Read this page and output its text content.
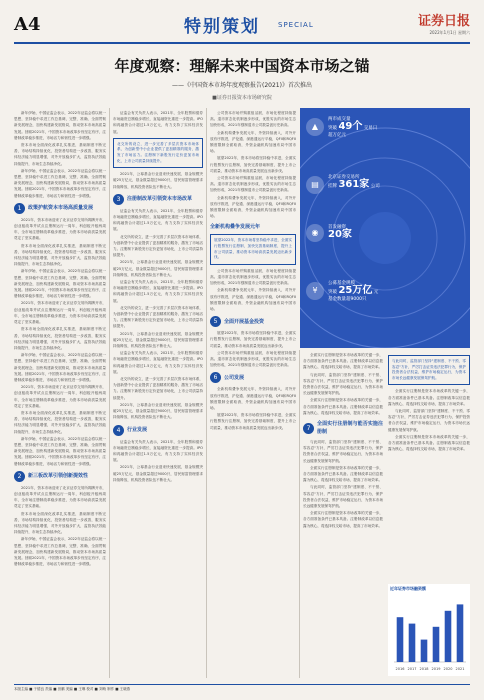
A4	特别策划	SPECIAL	证券日报
2022年1月1日 星期六
年度观察：理解未来中国资本市场之锚
——《中国资本市场年度观察报告(2021)》首次推出
■证券日报资本市场研究院

新年伊始，中国证监会表示，2022年证监会将以统一思想，坚持稳中求进工作总基调，完整、准确、全面贯彻新发展理念，加快构建新发展格局，推动资本市场高质量发展。回顾2021年，中国资本市场改革步伐坚定有序，注册制改革稳步推进，市场活力和韧性进一步增强。

资本市场全面深化改革扎实推进，基础制度不断完善，市场结构持续优化，投资者结构进一步改善，服务实体经济能力明显增强，对外开放稳步扩大，监管执法效能持续提升，市场生态持续净化。

新年伊始，中国证监会表示，2022年证监会将以统一思想，坚持稳中求进工作总基调，完整、准确、全面贯彻新发展理念，加快构建新发展格局，推动资本市场高质量发展。回顾2021年，中国资本市场改革步伐坚定有序，注册制改革稳步推进，市场活力和韧性进一步增强。

1	政策护航资本市场高质量发展

2021年，资本市场迎来了北京证券交易所揭牌开市，创业板改革并试点注册制运行一周年，科创板开板两周年，全市场注册制改革稳步推进，为资本市场高质量发展奠定了坚实基础。

资本市场全面深化改革扎实推进，基础制度不断完善，市场结构持续优化，投资者结构进一步改善，服务实体经济能力明显增强，对外开放稳步扩大，监管执法效能持续提升，市场生态持续净化。

新年伊始，中国证监会表示，2022年证监会将以统一思想，坚持稳中求进工作总基调，完整、准确、全面贯彻新发展理念，加快构建新发展格局，推动资本市场高质量发展。回顾2021年，中国资本市场改革步伐坚定有序，注册制改革稳步推进，市场活力和韧性进一步增强。

2021年，资本市场迎来了北京证券交易所揭牌开市，创业板改革并试点注册制运行一周年，科创板开板两周年，全市场注册制改革稳步推进，为资本市场高质量发展奠定了坚实基础。

资本市场全面深化改革扎实推进，基础制度不断完善，市场结构持续优化，投资者结构进一步改善，服务实体经济能力明显增强，对外开放稳步扩大，监管执法效能持续提升，市场生态持续净化。

新年伊始，中国证监会表示，2022年证监会将以统一思想，坚持稳中求进工作总基调，完整、准确、全面贯彻新发展理念，加快构建新发展格局，推动资本市场高质量发展。回顾2021年，中国资本市场改革步伐坚定有序，注册制改革稳步推进，市场活力和韧性进一步增强。

2021年，资本市场迎来了北京证券交易所揭牌开市，创业板改革并试点注册制运行一周年，科创板开板两周年，全市场注册制改革稳步推进，为资本市场高质量发展奠定了坚实基础。

资本市场全面深化改革扎实推进，基础制度不断完善，市场结构持续优化，投资者结构进一步改善，服务实体经济能力明显增强，对外开放稳步扩大，监管执法效能持续提升，市场生态持续净化。

新年伊始，中国证监会表示，2022年证监会将以统一思想，坚持稳中求进工作总基调，完整、准确、全面贯彻新发展理念，加快构建新发展格局，推动资本市场高质量发展。回顾2021年，中国资本市场改革步伐坚定有序，注册制改革稳步推进，市场活力和韧性进一步增强。

2	新三板改革引领创新提效性

2021年，资本市场迎来了北京证券交易所揭牌开市，创业板改革并试点注册制运行一周年，科创板开板两周年，全市场注册制改革稳步推进，为资本市场高质量发展奠定了坚实基础。

资本市场全面深化改革扎实推进，基础制度不断完善，市场结构持续优化，投资者结构进一步改善，服务实体经济能力明显增强，对外开放稳步扩大，监管执法效能持续提升，市场生态持续净化。

新年伊始，中国证监会表示，2022年证监会将以统一思想，坚持稳中求进工作总基调，完整、准确、全面贯彻新发展理念，加快构建新发展格局，推动资本市场高质量发展。回顾2021年，中国资本市场改革步伐坚定有序，注册制改革稳步推进，市场活力和韧性进一步增强。

证监会有关负责人表示，2021年，全年股票和债券市场融资总额稳步增长，直接融资比重进一步提高。IPO和再融资合计超过1.5万亿元，有力支持了实体经济发展。

北交所的设立，进一步完善了多层次资本市场体系，为创新型中小企业提供了更加精准的服务，激发了市场活力。注册制下新股发行定价更加市场化，上市公司质量持续提升。

2021年，公募基金行业迎来快速发展，基金规模突破25万亿元，基金数量超过9000只，居民财富管理需求持续释放，机构投资者队伍不断壮大。

3	注册制改革引领资本市场改革

证监会有关负责人表示，2021年，全年股票和债券市场融资总额稳步增长，直接融资比重进一步提高。IPO和再融资合计超过1.5万亿元，有力支持了实体经济发展。

北交所的设立，进一步完善了多层次资本市场体系，为创新型中小企业提供了更加精准的服务，激发了市场活力。注册制下新股发行定价更加市场化，上市公司质量持续提升。

2021年，公募基金行业迎来快速发展，基金规模突破25万亿元，基金数量超过9000只，居民财富管理需求持续释放，机构投资者队伍不断壮大。

证监会有关负责人表示，2021年，全年股票和债券市场融资总额稳步增长，直接融资比重进一步提高。IPO和再融资合计超过1.5万亿元，有力支持了实体经济发展。

北交所的设立，进一步完善了多层次资本市场体系，为创新型中小企业提供了更加精准的服务，激发了市场活力。注册制下新股发行定价更加市场化，上市公司质量持续提升。

2021年，公募基金行业迎来快速发展，基金规模突破25万亿元，基金数量超过9000只，居民财富管理需求持续释放，机构投资者队伍不断壮大。

证监会有关负责人表示，2021年，全年股票和债券市场融资总额稳步增长，直接融资比重进一步提高。IPO和再融资合计超过1.5万亿元，有力支持了实体经济发展。

北交所的设立，进一步完善了多层次资本市场体系，为创新型中小企业提供了更加精准的服务，激发了市场活力。注册制下新股发行定价更加市场化，上市公司质量持续提升。

2021年，公募基金行业迎来快速发展，基金规模突破25万亿元，基金数量超过9000只，居民财富管理需求持续释放，机构投资者队伍不断壮大。

4	行业发展

证监会有关负责人表示，2021年，全年股票和债券市场融资总额稳步增长，直接融资比重进一步提高。IPO和再融资合计超过1.5万亿元，有力支持了实体经济发展。

2021年，公募基金行业迎来快速发展，基金规模突破25万亿元，基金数量超过9000只，居民财富管理需求持续释放，机构投资者队伍不断壮大。

公司资本市场并购重组活跃，市场化程度持续提高。退市常态化机制逐步形成，优胜劣汰的市场生态加快形成，2021年强制退市公司数量创历史新高。

全新机构叠争发展元年，外资持续流入，对外开放有序推进，沪伦通、深港通运行平稳，QFII和RQFII额度限制全面取消，外资金融机构加速布局中国市场。

展望2022年，资本市场将坚持稳中求进，全面实行股票发行注册制，加快完善基础制度，提升上市公司质量，推动资本市场高质量发展迈出新步伐。

公司资本市场并购重组活跃，市场化程度持续提高。退市常态化机制逐步形成，优胜劣汰的市场生态加快形成，2021年强制退市公司数量创历史新高。

全新机构叠争发展元年，外资持续流入，对外开放有序推进，沪伦通、深港通运行平稳，QFII和RQFII额度限制全面取消，外资金融机构加速布局中国市场。

全新机构叠争发展元年
展望2022年，资本市场将坚持稳中求进，全面实行股票发行注册制，加快完善基础制度，提升上市公司质量，推动资本市场高质量发展迈出新步伐。

公司资本市场并购重组活跃，市场化程度持续提高。退市常态化机制逐步形成，优胜劣汰的市场生态加快形成，2021年强制退市公司数量创历史新高。

全新机构叠争发展元年，外资持续流入，对外开放有序推进，沪伦通、深港通运行平稳，QFII和RQFII额度限制全面取消，外资金融机构加速布局中国市场。

5	全面开展基金投资

展望2022年，资本市场将坚持稳中求进，全面实行股票发行注册制，加快完善基础制度，提升上市公司质量，推动资本市场高质量发展迈出新步伐。

公司资本市场并购重组活跃，市场化程度持续提高。退市常态化机制逐步形成，优胜劣汰的市场生态加快形成，2021年强制退市公司数量创历史新高。

6	公司发展

全新机构叠争发展元年，外资持续流入，对外开放有序推进，沪伦通、深港通运行平稳，QFII和RQFII额度限制全面取消，外资金融机构加速布局中国市场。

展望2022年，资本市场将坚持稳中求进，全面实行股票发行注册制，加快完善基础制度，提升上市公司质量，推动资本市场高质量发展迈出新步伐。

▲
两市成交量
突破 49个 交易日
超万亿元
▤
北京证券交易所
挂牌 361家 公司
◉
首发融资
20家
¥
公募基金规模
突破 25万亿 元
基金数量超9000只

全面实行注册制是资本市场改革的关键一步，各方面准备条件已基本具备。注册制改革以信息披露为核心，将选择权交给市场，提高了市场效率。

与此同时，监管部门坚持"建制度、不干预、零容忍"方针，严厉打击证券违法犯罪行为，保护投资者合法权益，维护市场稳定运行，为资本市场长远健康发展保驾护航。

全面实行注册制是资本市场改革的关键一步，各方面准备条件已基本具备。注册制改革以信息披露为核心，将选择权交给市场，提高了市场效率。

7
全面实行注册制与能否实施注册制

与此同时，监管部门坚持"建制度、不干预、零容忍"方针，严厉打击证券违法犯罪行为，保护投资者合法权益，维护市场稳定运行，为资本市场长远健康发展保驾护航。

全面实行注册制是资本市场改革的关键一步，各方面准备条件已基本具备。注册制改革以信息披露为核心，将选择权交给市场，提高了市场效率。

与此同时，监管部门坚持"建制度、不干预、零容忍"方针，严厉打击证券违法犯罪行为，保护投资者合法权益，维护市场稳定运行，为资本市场长远健康发展保驾护航。

全面实行注册制是资本市场改革的关键一步，各方面准备条件已基本具备。注册制改革以信息披露为核心，将选择权交给市场，提高了市场效率。

与此同时，监管部门坚持"建制度、不干预、零容忍"方针，严厉打击证券违法犯罪行为，保护投资者合法权益，维护市场稳定运行，为资本市场长远健康发展保驾护航。

全面实行注册制是资本市场改革的关键一步，各方面准备条件已基本具备。注册制改革以信息披露为核心，将选择权交给市场，提高了市场效率。

与此同时，监管部门坚持"建制度、不干预、零容忍"方针，严厉打击证券违法犯罪行为，保护投资者合法权益，维护市场稳定运行，为资本市场长远健康发展保驾护航。

全面实行注册制是资本市场改革的关键一步，各方面准备条件已基本具备。注册制改革以信息披露为核心，将选择权交给市场，提高了市场效率。

近年证券市场融资额
2016 2017 2018 2019 2020 2021
本版主编 ■ 于德良 责编 ■ 田鹏 美编 ■ 王琳 校对 ■ 刘萌 制作 ■ 王晓燕
